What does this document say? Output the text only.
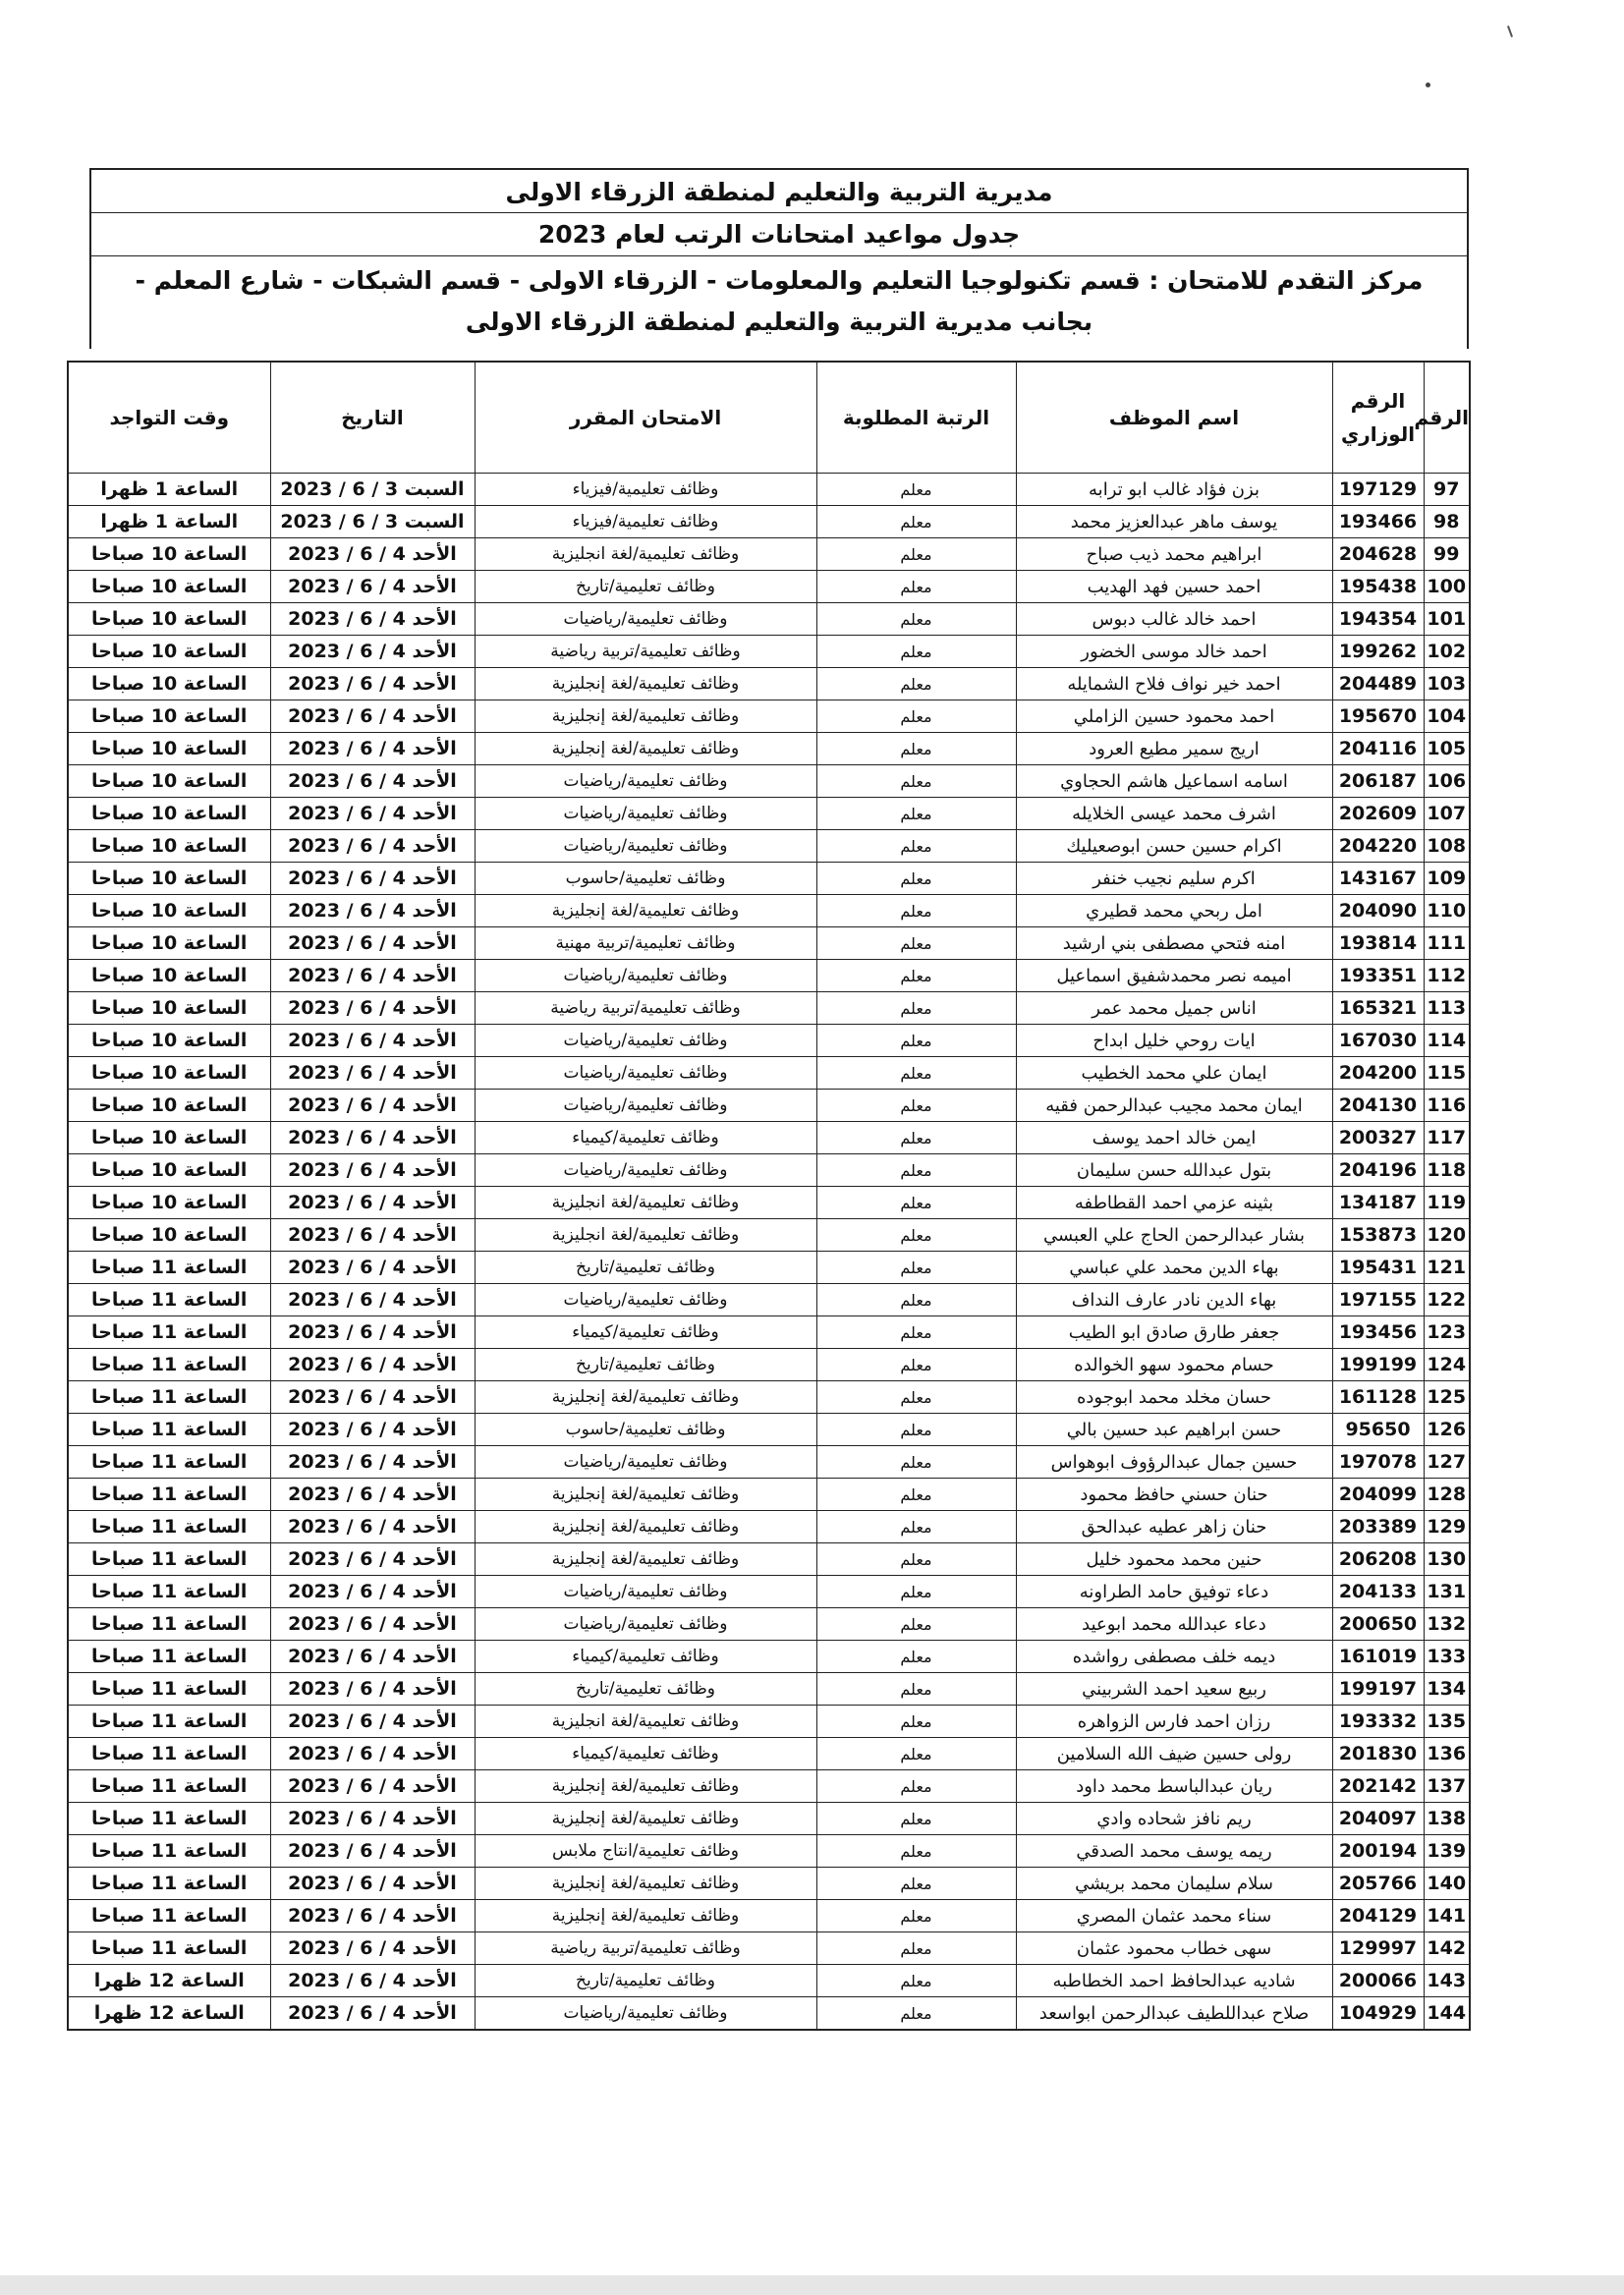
مديرية التربية والتعليم لمنطقة الزرقاء الاولى
جدول مواعيد امتحانات الرتب لعام 2023
مركز التقدم للامتحان : قسم تكنولوجيا التعليم والمعلومات - الزرقاء الاولى - قسم الشبكات - شارع المعلم - بجانب مديرية التربية والتعليم لمنطقة الزرقاء الاولى
الرقم	الرقم الوزاري	اسم الموظف	الرتبة المطلوبة	الامتحان المقرر	التاريخ	وقت التواجد
97	197129	بزن فؤاد غالب ابو ترابه	معلم	وظائف تعليمية/فيزياء	السبت 3 / 6 / 2023	الساعة 1 ظهرا
98	193466	يوسف ماهر عبدالعزيز محمد	معلم	وظائف تعليمية/فيزياء	السبت 3 / 6 / 2023	الساعة 1 ظهرا
99	204628	ابراهيم محمد ذيب صباح	معلم	وظائف تعليمية/لغة انجليزية	الأحد 4 / 6 / 2023	الساعة 10 صباحا
100	195438	احمد حسين فهد الهديب	معلم	وظائف تعليمية/تاريخ	الأحد 4 / 6 / 2023	الساعة 10 صباحا
101	194354	احمد خالد غالب دبوس	معلم	وظائف تعليمية/رياضيات	الأحد 4 / 6 / 2023	الساعة 10 صباحا
102	199262	احمد خالد موسى الخضور	معلم	وظائف تعليمية/تربية رياضية	الأحد 4 / 6 / 2023	الساعة 10 صباحا
103	204489	احمد خير نواف فلاح الشمايله	معلم	وظائف تعليمية/لغة إنجليزية	الأحد 4 / 6 / 2023	الساعة 10 صباحا
104	195670	احمد محمود حسين الزاملي	معلم	وظائف تعليمية/لغة إنجليزية	الأحد 4 / 6 / 2023	الساعة 10 صباحا
105	204116	اريج سمير مطيع العرود	معلم	وظائف تعليمية/لغة إنجليزية	الأحد 4 / 6 / 2023	الساعة 10 صباحا
106	206187	اسامه اسماعيل هاشم الحجاوي	معلم	وظائف تعليمية/رياضيات	الأحد 4 / 6 / 2023	الساعة 10 صباحا
107	202609	اشرف محمد عيسى الخلايله	معلم	وظائف تعليمية/رياضيات	الأحد 4 / 6 / 2023	الساعة 10 صباحا
108	204220	اكرام حسين حسن ابوصعيليك	معلم	وظائف تعليمية/رياضيات	الأحد 4 / 6 / 2023	الساعة 10 صباحا
109	143167	اكرم سليم نجيب خنفر	معلم	وظائف تعليمية/حاسوب	الأحد 4 / 6 / 2023	الساعة 10 صباحا
110	204090	امل ربحي محمد قطيري	معلم	وظائف تعليمية/لغة إنجليزية	الأحد 4 / 6 / 2023	الساعة 10 صباحا
111	193814	امنه فتحي مصطفى بني ارشيد	معلم	وظائف تعليمية/تربية مهنية	الأحد 4 / 6 / 2023	الساعة 10 صباحا
112	193351	اميمه نصر محمدشفيق اسماعيل	معلم	وظائف تعليمية/رياضيات	الأحد 4 / 6 / 2023	الساعة 10 صباحا
113	165321	اناس جميل محمد عمر	معلم	وظائف تعليمية/تربية رياضية	الأحد 4 / 6 / 2023	الساعة 10 صباحا
114	167030	ايات روحي خليل ابداح	معلم	وظائف تعليمية/رياضيات	الأحد 4 / 6 / 2023	الساعة 10 صباحا
115	204200	ايمان علي محمد الخطيب	معلم	وظائف تعليمية/رياضيات	الأحد 4 / 6 / 2023	الساعة 10 صباحا
116	204130	ايمان محمد مجيب عبدالرحمن فقيه	معلم	وظائف تعليمية/رياضيات	الأحد 4 / 6 / 2023	الساعة 10 صباحا
117	200327	ايمن خالد احمد يوسف	معلم	وظائف تعليمية/كيمياء	الأحد 4 / 6 / 2023	الساعة 10 صباحا
118	204196	بتول عبدالله حسن سليمان	معلم	وظائف تعليمية/رياضيات	الأحد 4 / 6 / 2023	الساعة 10 صباحا
119	134187	بثينه عزمي احمد القطاطفه	معلم	وظائف تعليمية/لغة انجليزية	الأحد 4 / 6 / 2023	الساعة 10 صباحا
120	153873	بشار عبدالرحمن الحاج علي العبسي	معلم	وظائف تعليمية/لغة انجليزية	الأحد 4 / 6 / 2023	الساعة 10 صباحا
121	195431	بهاء الدين محمد علي عباسي	معلم	وظائف تعليمية/تاريخ	الأحد 4 / 6 / 2023	الساعة 11 صباحا
122	197155	بهاء الدين نادر عارف النداف	معلم	وظائف تعليمية/رياضيات	الأحد 4 / 6 / 2023	الساعة 11 صباحا
123	193456	جعفر طارق صادق ابو الطيب	معلم	وظائف تعليمية/كيمياء	الأحد 4 / 6 / 2023	الساعة 11 صباحا
124	199199	حسام محمود سهو الخوالده	معلم	وظائف تعليمية/تاريخ	الأحد 4 / 6 / 2023	الساعة 11 صباحا
125	161128	حسان مخلد محمد ابوجوده	معلم	وظائف تعليمية/لغة إنجليزية	الأحد 4 / 6 / 2023	الساعة 11 صباحا
126	95650	حسن ابراهيم عبد حسين بالي	معلم	وظائف تعليمية/حاسوب	الأحد 4 / 6 / 2023	الساعة 11 صباحا
127	197078	حسين جمال عبدالرؤوف ابوهواس	معلم	وظائف تعليمية/رياضيات	الأحد 4 / 6 / 2023	الساعة 11 صباحا
128	204099	حنان حسني حافظ محمود	معلم	وظائف تعليمية/لغة إنجليزية	الأحد 4 / 6 / 2023	الساعة 11 صباحا
129	203389	حنان زاهر عطيه عبدالحق	معلم	وظائف تعليمية/لغة إنجليزية	الأحد 4 / 6 / 2023	الساعة 11 صباحا
130	206208	حنين محمد محمود خليل	معلم	وظائف تعليمية/لغة إنجليزية	الأحد 4 / 6 / 2023	الساعة 11 صباحا
131	204133	دعاء توفيق حامد الطراونه	معلم	وظائف تعليمية/رياضيات	الأحد 4 / 6 / 2023	الساعة 11 صباحا
132	200650	دعاء عبدالله محمد ابوعيد	معلم	وظائف تعليمية/رياضيات	الأحد 4 / 6 / 2023	الساعة 11 صباحا
133	161019	ديمه خلف مصطفى رواشده	معلم	وظائف تعليمية/كيمياء	الأحد 4 / 6 / 2023	الساعة 11 صباحا
134	199197	ربيع سعيد احمد الشربيني	معلم	وظائف تعليمية/تاريخ	الأحد 4 / 6 / 2023	الساعة 11 صباحا
135	193332	رزان احمد فارس الزواهره	معلم	وظائف تعليمية/لغة انجليزية	الأحد 4 / 6 / 2023	الساعة 11 صباحا
136	201830	رولى حسين ضيف الله السلامين	معلم	وظائف تعليمية/كيمياء	الأحد 4 / 6 / 2023	الساعة 11 صباحا
137	202142	ريان عبدالباسط محمد داود	معلم	وظائف تعليمية/لغة إنجليزية	الأحد 4 / 6 / 2023	الساعة 11 صباحا
138	204097	ريم نافز شحاده وادي	معلم	وظائف تعليمية/لغة إنجليزية	الأحد 4 / 6 / 2023	الساعة 11 صباحا
139	200194	ريمه يوسف محمد الصدقي	معلم	وظائف تعليمية/انتاج ملابس	الأحد 4 / 6 / 2023	الساعة 11 صباحا
140	205766	سلام سليمان محمد بريشي	معلم	وظائف تعليمية/لغة إنجليزية	الأحد 4 / 6 / 2023	الساعة 11 صباحا
141	204129	سناء محمد عثمان المصري	معلم	وظائف تعليمية/لغة إنجليزية	الأحد 4 / 6 / 2023	الساعة 11 صباحا
142	129997	سهى خطاب محمود عثمان	معلم	وظائف تعليمية/تربية رياضية	الأحد 4 / 6 / 2023	الساعة 11 صباحا
143	200066	شاديه عبدالحافظ احمد الخطاطبه	معلم	وظائف تعليمية/تاريخ	الأحد 4 / 6 / 2023	الساعة 12 ظهرا
144	104929	صلاح عبداللطيف عبدالرحمن ابواسعد	معلم	وظائف تعليمية/رياضيات	الأحد 4 / 6 / 2023	الساعة 12 ظهرا
